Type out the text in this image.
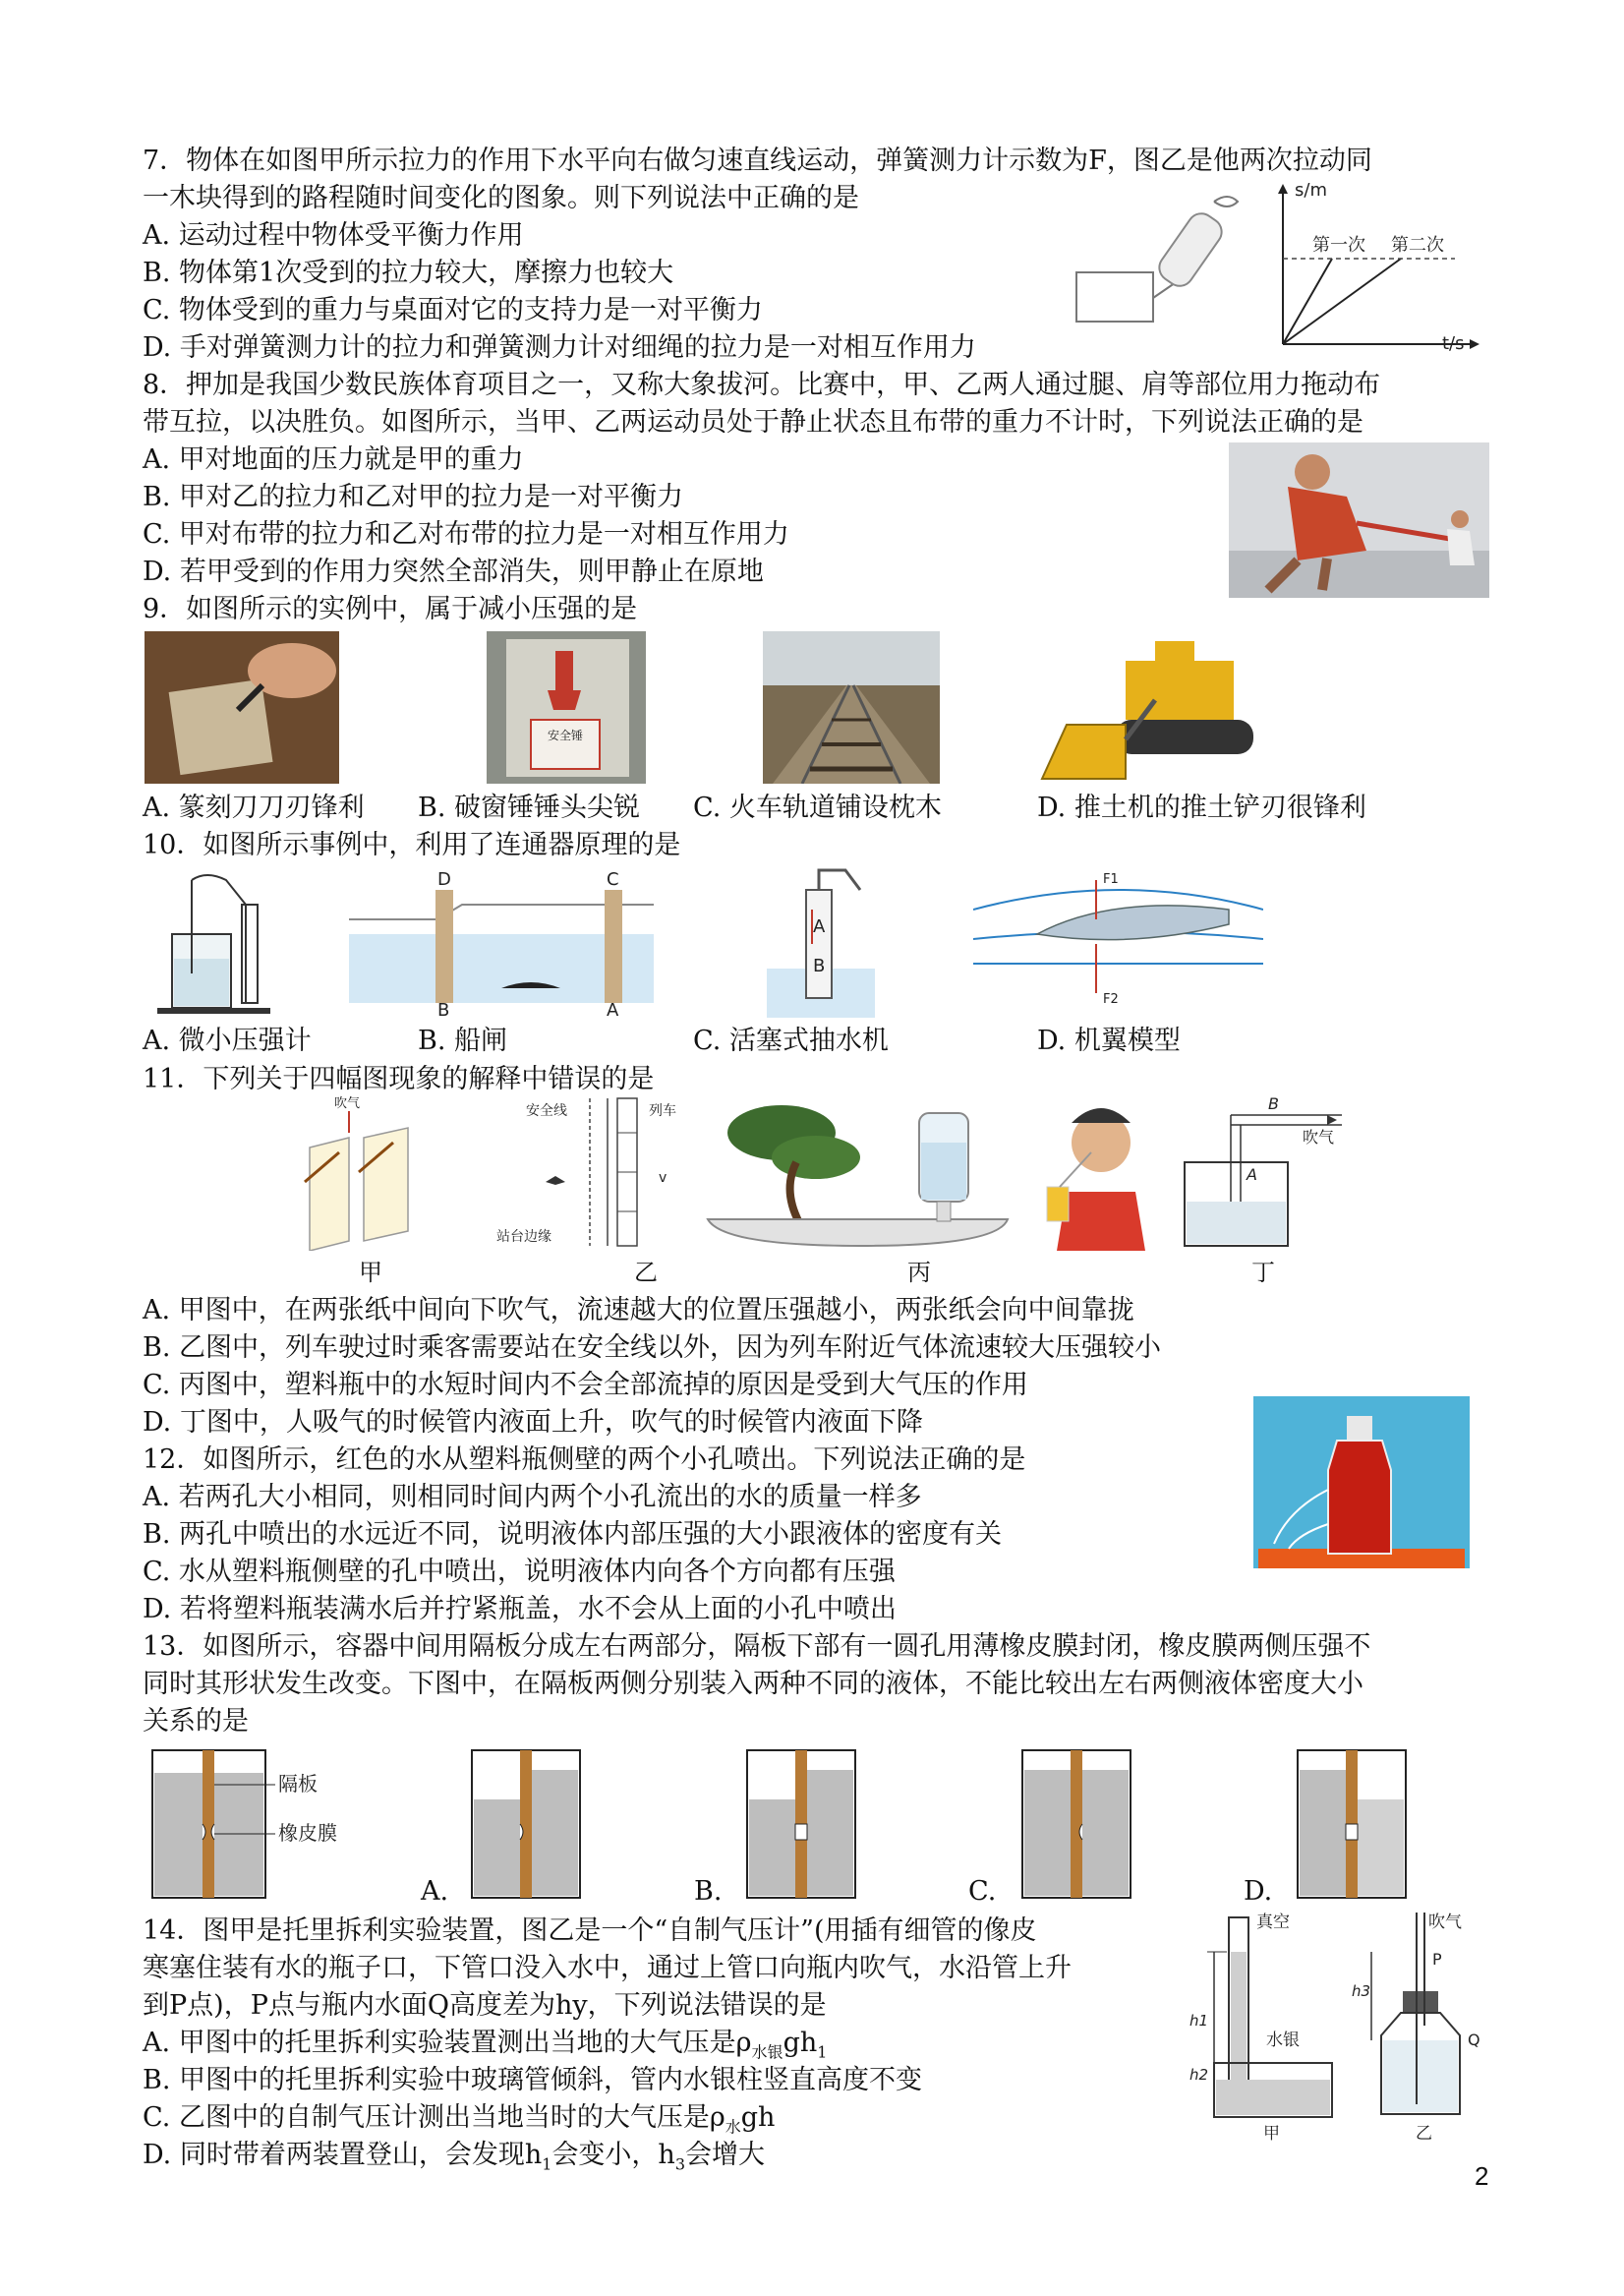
7．物体在如图甲所示拉力的作用下水平向右做匀速直线运动，弹簧测力计示数为F，图乙是他两次拉动同
一木块得到的路程随时间变化的图象。则下列说法中正确的是
A. 运动过程中物体受平衡力作用
B. 物体第1次受到的拉力较大，摩擦力也较大
C. 物体受到的重力与桌面对它的支持力是一对平衡力
D. 手对弹簧测力计的拉力和弹簧测力计对细绳的拉力是一对相互作用力
s/m
t/s
第一次 第二次
8．押加是我国少数民族体育项目之一，又称大象拔河。比赛中，甲、乙两人通过腿、肩等部位用力拖动布
带互拉，以决胜负。如图所示，当甲、乙两运动员处于静止状态且布带的重力不计时，下列说法正确的是
A. 甲对地面的压力就是甲的重力
B. 甲对乙的拉力和乙对甲的拉力是一对平衡力
C. 甲对布带的拉力和乙对布带的拉力是一对相互作用力
D. 若甲受到的作用力突然全部消失，则甲静止在原地
9．如图所示的实例中，属于减小压强的是
安全锤
A. 篆刻刀刀刃锋利 B. 破窗锤锤头尖锐 C. 火车轨道铺设枕木	D. 推土机的推土铲刃很锋利
10．如图所示事例中，利用了连通器原理的是
D	C
B	A
A
B
F1
F2
A. 微小压强计	B. 船闸	C. 活塞式抽水机	D. 机翼模型
11．下列关于四幅图现象的解释中错误的是
吹气	安全线	列车
站台边缘
v
B
吹气
A
甲	乙	丙	丁
A. 甲图中，在两张纸中间向下吹气，流速越大的位置压强越小，两张纸会向中间靠拢
B. 乙图中，列车驶过时乘客需要站在安全线以外，因为列车附近气体流速较大压强较小
C. 丙图中，塑料瓶中的水短时间内不会全部流掉的原因是受到大气压的作用
D. 丁图中，人吸气的时候管内液面上升，吹气的时候管内液面下降
12．如图所示，红色的水从塑料瓶侧壁的两个小孔喷出。下列说法正确的是
A. 若两孔大小相同，则相同时间内两个小孔流出的水的质量一样多
B. 两孔中喷出的水远近不同，说明液体内部压强的大小跟液体的密度有关
C. 水从塑料瓶侧壁的孔中喷出，说明液体内向各个方向都有压强
D. 若将塑料瓶装满水后并拧紧瓶盖，水不会从上面的小孔中喷出
13．如图所示，容器中间用隔板分成左右两部分，隔板下部有一圆孔用薄橡皮膜封闭，橡皮膜两侧压强不
同时其形状发生改变。下图中，在隔板两侧分别装入两种不同的液体，不能比较出左右两侧液体密度大小
关系的是
隔板
橡皮膜
A.	B.	C.	D.
14．图甲是托里拆利实验装置，图乙是一个“自制气压计”(用插有细管的像皮
寒塞住装有水的瓶子口，下管口没入水中，通过上管口向瓶内吹气，水沿管上升
到P点)，P点与瓶内水面Q高度差为hy，下列说法错误的是
A. 甲图中的托里拆利实验装置测出当地的大气压是$\rho_{水银}gh_1$
B. 甲图中的托里拆利实验中玻璃管倾斜，管内水银柱竖直高度不变
C. 乙图中的自制气压计测出当地当时的大气压是$\rho_水gh$
D. 同时带着两装置登山，会发现$h_1$会变小，$h_3$会增大
真空
水银
h1
h2
甲
吹气
P
Q
h3
乙
2
